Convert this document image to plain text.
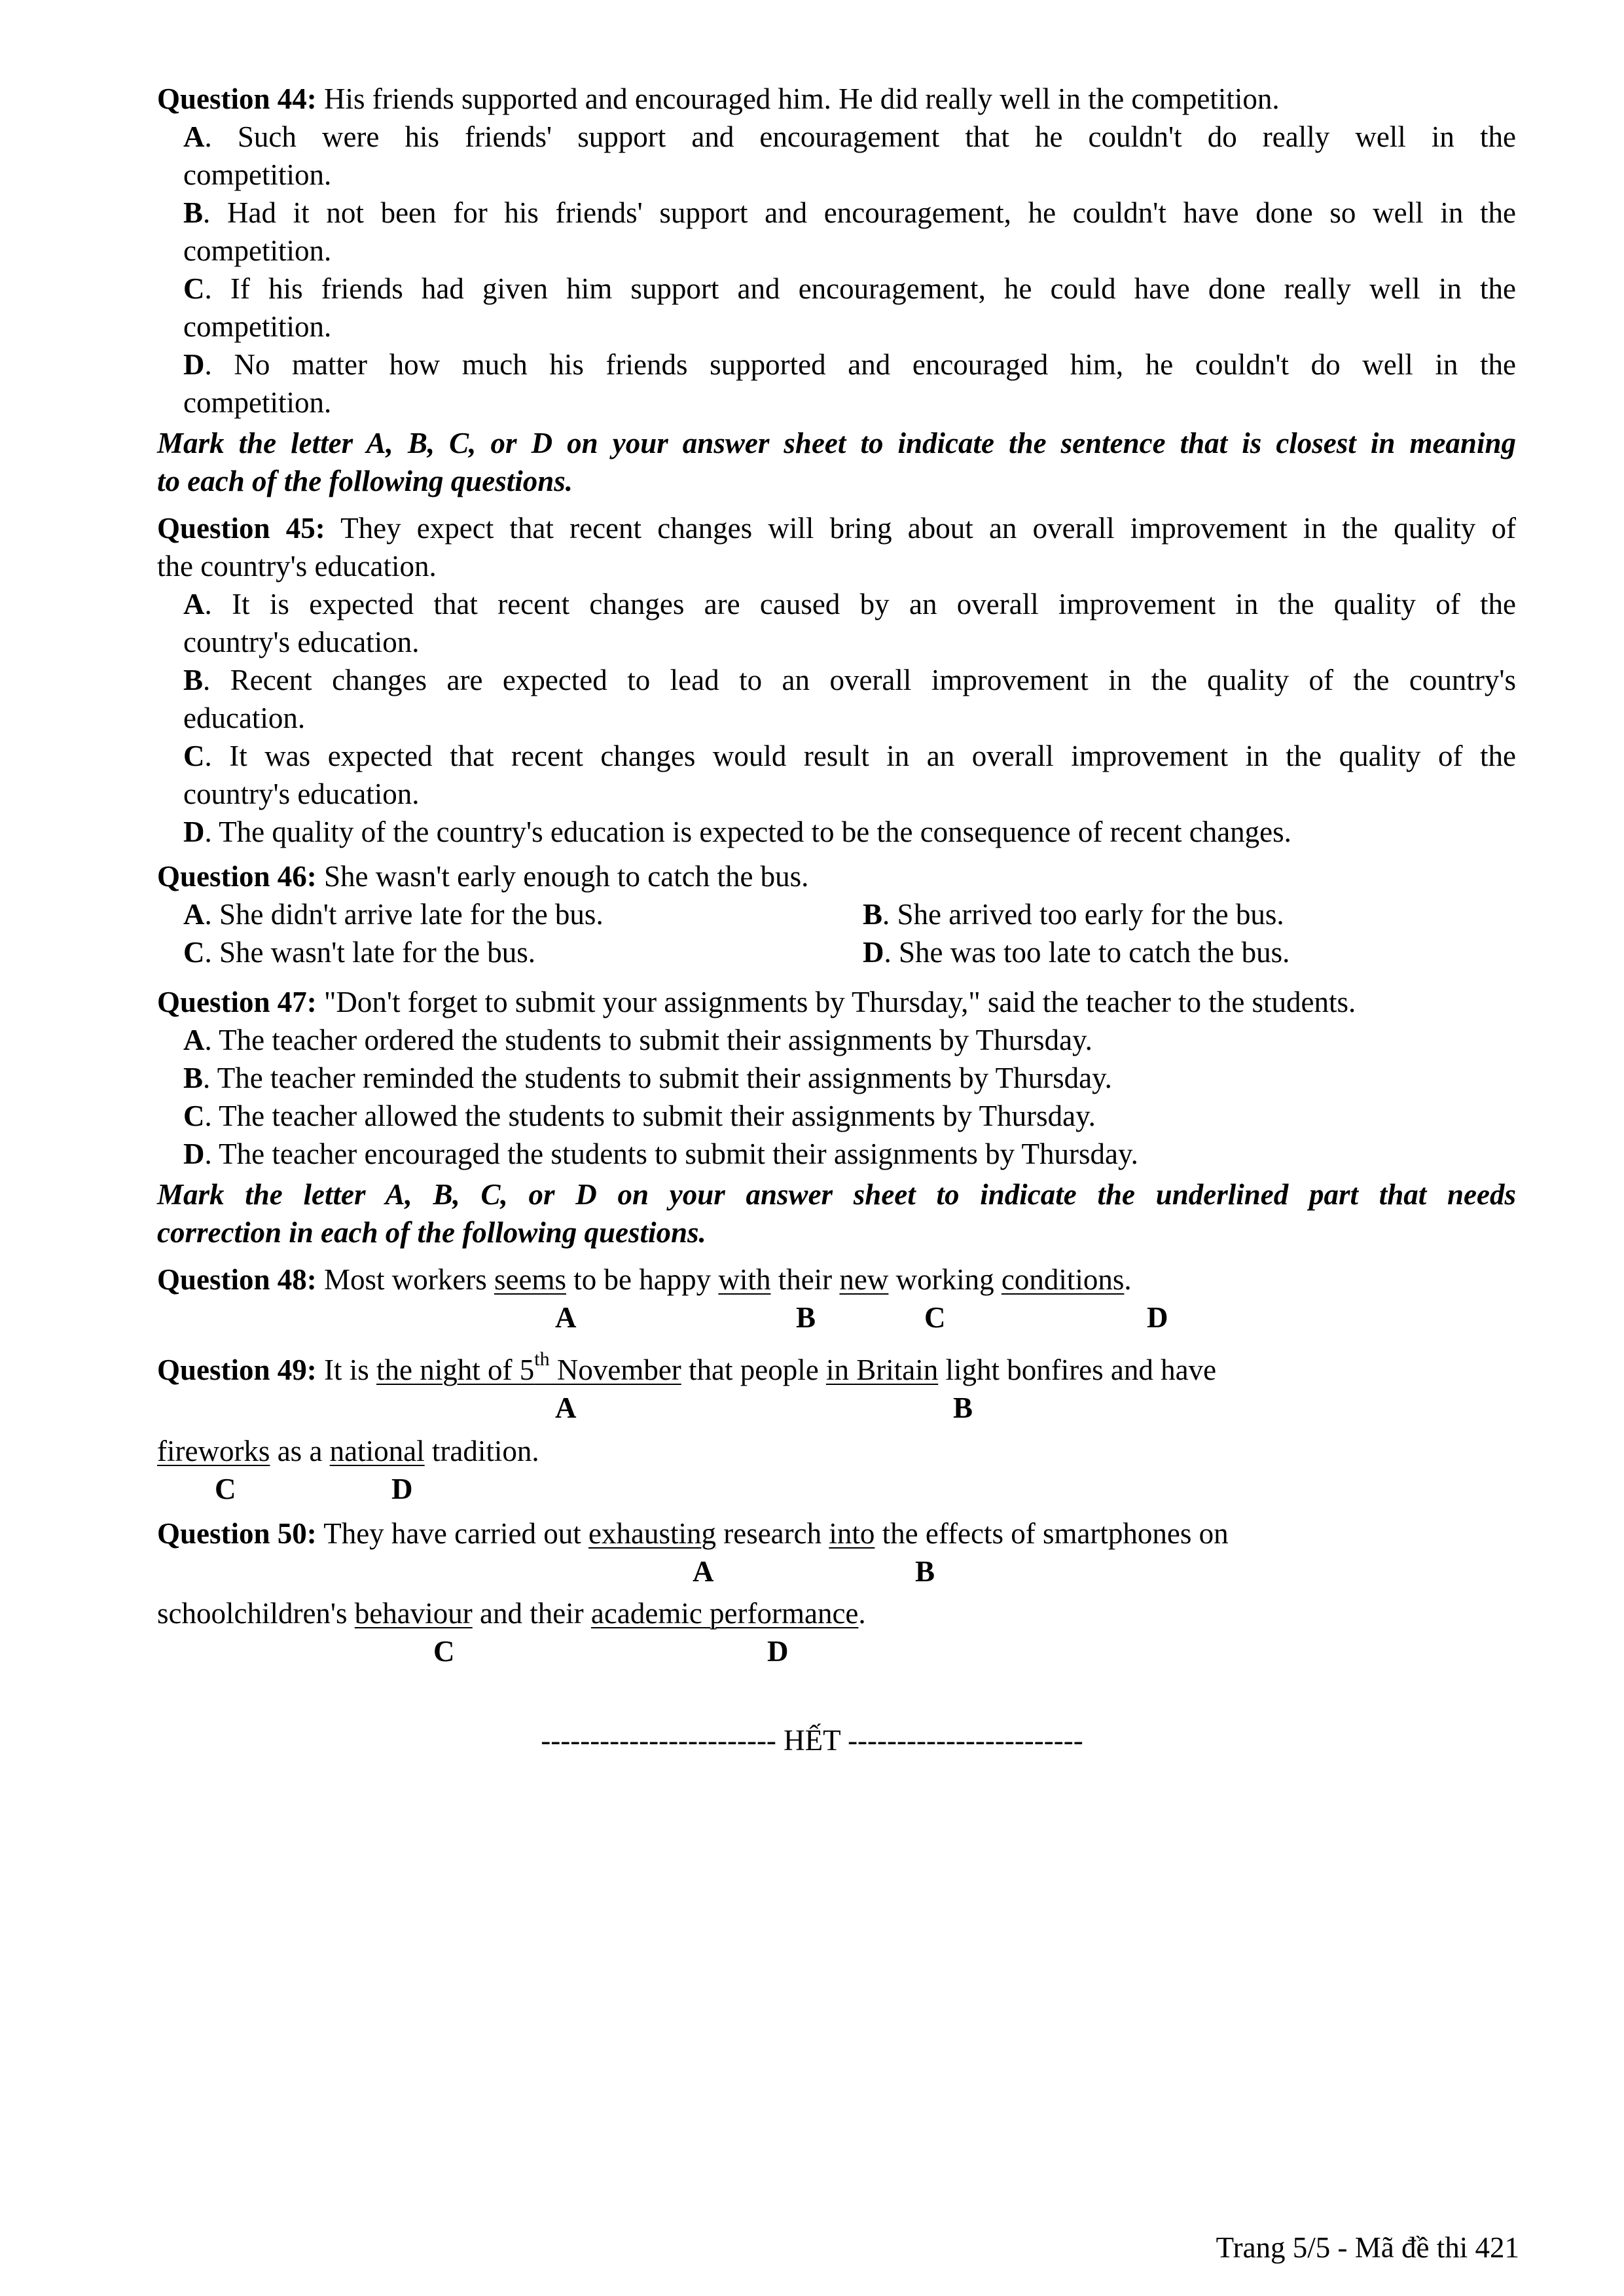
Question 44: His friends supported and encouraged him. He did really well in the competition.
A. Such were his friends' support and encouragement that he couldn't do really well in the
competition.
B. Had it not been for his friends' support and encouragement, he couldn't have done so well in the
competition.
C. If his friends had given him support and encouragement, he could have done really well in the
competition.
D. No matter how much his friends supported and encouraged him, he couldn't do well in the
competition.
Mark the letter A, B, C, or D on your answer sheet to indicate the sentence that is closest in meaning
to each of the following questions.
Question 45: They expect that recent changes will bring about an overall improvement in the quality of
the country's education.
A. It is expected that recent changes are caused by an overall improvement in the quality of the
country's education.
B. Recent changes are expected to lead to an overall improvement in the quality of the country's
education.
C. It was expected that recent changes would result in an overall improvement in the quality of the
country's education.
D. The quality of the country's education is expected to be the consequence of recent changes.
Question 46: She wasn't early enough to catch the bus.
A. She didn't arrive late for the bus.	B. She arrived too early for the bus.
C. She wasn't late for the bus.	D. She was too late to catch the bus.
Question 47: "Don't forget to submit your assignments by Thursday," said the teacher to the students.
A. The teacher ordered the students to submit their assignments by Thursday.
B. The teacher reminded the students to submit their assignments by Thursday.
C. The teacher allowed the students to submit their assignments by Thursday.
D. The teacher encouraged the students to submit their assignments by Thursday.
Mark the letter A, B, C, or D on your answer sheet to indicate the underlined part that needs
correction in each of the following questions.
Question 48: Most workers seems to be happy with their new working conditions.
A	B	C	D
Question 49: It is the night of 5th November that people in Britain light bonfires and have
A	B
fireworks as a national tradition.
C	D
Question 50: They have carried out exhausting research into the effects of smartphones on
A	B
schoolchildren's behaviour and their academic performance.
C	D
------------------------ HẾT ------------------------
Trang 5/5 - Mã đề thi 421
